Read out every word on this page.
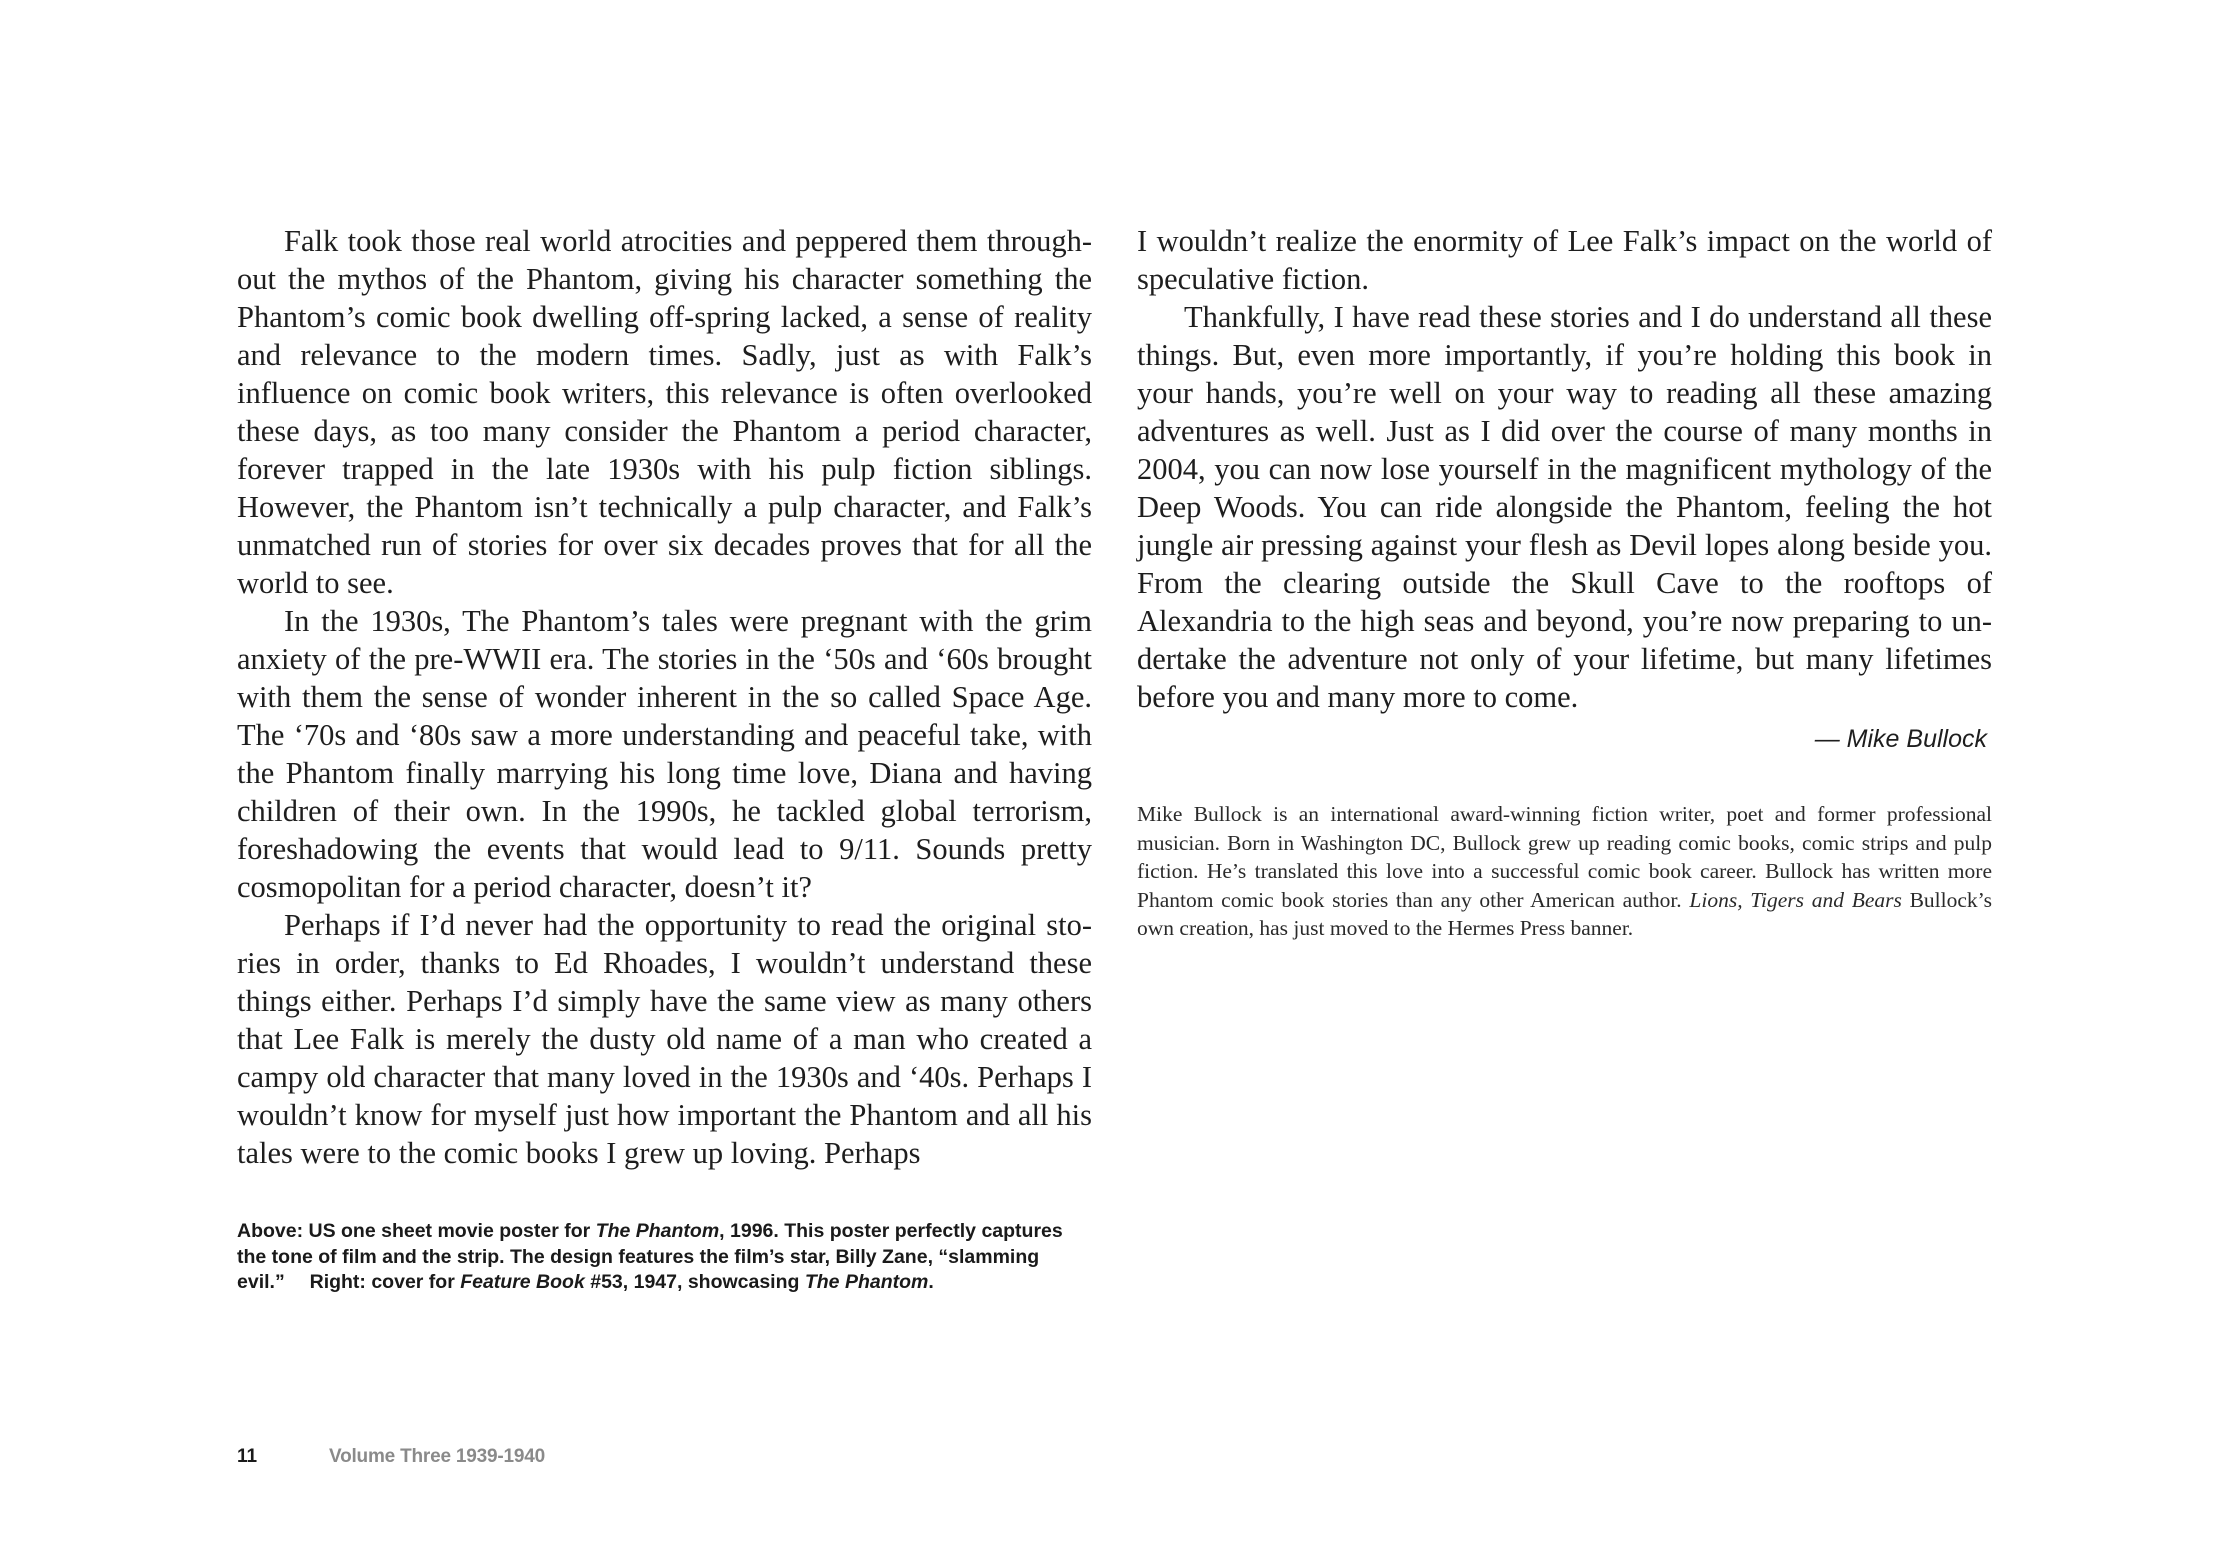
Falk took those real world atrocities and peppered them throughout the mythos of the Phantom, giving his character something the Phantom’s comic book dwelling off-spring lacked, a sense of reality and relevance to the modern times. Sadly, just as with Falk’s influence on comic book writers, this relevance is often overlooked these days, as too many consider the Phantom a period character, forever trapped in the late 1930s with his pulp fiction siblings. However, the Phantom isn’t technically a pulp character, and Falk’s unmatched run of stories for over six decades proves that for all the world to see.

In the 1930s, The Phantom’s tales were pregnant with the grim anxiety of the pre-WWII era. The stories in the ‘50s and ‘60s brought with them the sense of wonder inherent in the so called Space Age. The ‘70s and ‘80s saw a more understanding and peaceful take, with the Phantom finally marrying his long time love, Diana and having children of their own. In the 1990s, he tackled global terrorism, foreshadowing the events that would lead to 9/11. Sounds pretty cosmopolitan for a period character, doesn’t it?

Perhaps if I’d never had the opportunity to read the original stories in order, thanks to Ed Rhoades, I wouldn’t understand these things either. Perhaps I’d simply have the same view as many others that Lee Falk is merely the dusty old name of a man who created a campy old character that many loved in the 1930s and ‘40s. Perhaps I wouldn’t know for myself just how important the Phantom and all his tales were to the comic books I grew up loving. Perhaps

I wouldn’t realize the enormity of Lee Falk’s impact on the world of speculative fiction.

Thankfully, I have read these stories and I do understand all these things. But, even more importantly, if you’re holding this book in your hands, you’re well on your way to reading all these amazing adventures as well. Just as I did over the course of many months in 2004, you can now lose yourself in the magnificent mythology of the Deep Woods. You can ride alongside the Phantom, feeling the hot jungle air pressing against your flesh as Devil lopes along beside you. From the clearing outside the Skull Cave to the rooftops of Alexandria to the high seas and beyond, you’re now preparing to undertake the adventure not only of your lifetime, but many lifetimes before you and many more to come.

— Mike Bullock
Mike Bullock is an international award-winning fiction writer, poet and former professional musician. Born in Washington DC, Bullock grew up reading comic books, comic strips and pulp fiction. He’s translated this love into a successful comic book career. Bullock has written more Phantom comic book stories than any other American author. Lions, Tigers and Bears Bullock’s own creation, has just moved to the Hermes Press banner.
Above: US one sheet movie poster for The Phantom, 1996. This poster perfectly captures the tone of film and the strip. The design features the film’s star, Billy Zane, “slamming evil.”  Right: cover for Feature Book #53, 1947, showcasing The Phantom.
11	Volume Three 1939-1940
